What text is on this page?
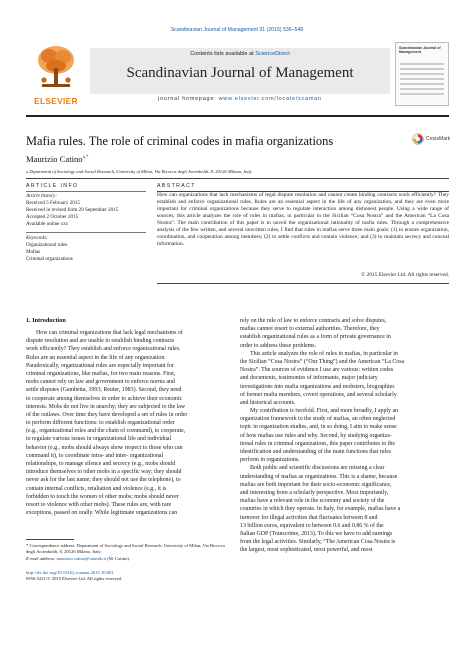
Scandinavian Journal of Management 31 (2015) 536–548
ELSEVIER
Contents lists available at ScienceDirect
Scandinavian Journal of Management
journal homepage: www.elsevier.com/locate/scaman
Scandinavian Journal of Management
Mafia rules. The role of criminal codes in mafia organizations	CrossMark
Maurizio Catino$^{a,*}$
a Department of Sociology and Social Research, University of Milan, Via Bicocca degli Arcimboldi, 8, 20126 Milano, Italy
ARTICLE INFO
Article history:
Received 5 February 2015
Received in revised form 29 September 2015
Accepted 2 October 2015
Available online xxx
Keywords:
Organizational rules
Mafias
Criminal organizations
ABSTRACT
How can organizations that lack mechanisms of legal dispute resolution and cannot create binding contracts work efficiently? They establish and enforce organizational rules. Rules are an essential aspect in the life of any organization, and they are even more important for criminal organizations because they serve to regulate interaction among dishonest people. Using a wide range of sources, this article analyzes the role of rules in mafias, in particular in the Sicilian “Cosa Nostra” and the American “La Cosa Nostra”. The main contribution of this paper is to unveil the organizational rationality of mafia rules. Through a comprehensive analysis of the few written, and several unwritten rules, I find that rules in mafias serve three main goals: (1) to ensure organization, coordination, and cooperation among members; (2) to settle conflicts and contain violence; and (3) to maintain secrecy and conceal information.
© 2015 Elsevier Ltd. All rights reserved.
1. Introduction
How can criminal organizations that lack legal mechanisms of
dispute resolution and are unable to establish binding contracts
work efficiently? They establish and enforce organizational rules.
Rules are an essential aspect in the life of any organization.
Paradoxically, organizational rules are especially important for
criminal organizations, like mafias, for two main reasons. First,
mobs cannot rely on law and government to enforce norms and
settle disputes (Gambetta, 1993; Reuter, 1983). Second, they need
to cooperate among themselves in order to achieve their economic
interests. Mobs do not live in anarchy; they are subjected to the law
of the outlaws. Over time they have developed a set of rules in order
to perform different functions: to establish organizational order
(e.g., organizational roles and the chain of command), to cooperate,
to regulate various issues in organizational life and individual
behavior (e.g., mobs should always show respect to those who can
command it), to coordinate intra- and inter- organizational
relationships, to manage silence and secrecy (e.g., mobs should
introduce themselves to other mobs in a specific way; they should
never ask for the last name; they should not use the telephone), to
contain internal conflicts, retaliation and violence (e.g., it is
forbidden to touch the women of other mobs; mobs should never
resort to violence with other mobs). These rules are, with rare
exceptions, passed on orally. While legitimate organizations can
rely on the rule of law to enforce contracts and solve disputes,
mafias cannot resort to external authorities. Therefore, they
establish organizational rules as a form of private governance in
order to address these problems.
This article analyzes the role of rules in mafias, in particular in
the Sicilian “Cosa Nostra” (“Our Thing”) and the American “La Cosa
Nostra”. The sources of evidence I use are various: written codes
and documents, testimonies of informants, major judiciary
investigations into mafia organizations and mobsters, biographies
of former mafia members, covert operations, and several scholarly
and historical accounts.
My contribution is twofold. First, and more broadly, I apply an
organization framework to the study of mafias, an often neglected
topic in organization studies, and, in so doing, I aim to make sense
of how mafias use rules and why. Second, by studying organiza-
tional rules in criminal organizations, this paper contributes to the
identification and understanding of the main functions that rules
perform in organizations.
Both public and scientific discussions are missing a clear
understanding of mafias as organizations. This is a shame, because
mafias are both important for their socio-economic significance,
and interesting from a scholarly perspective. Most importantly,
mafias have a relevant role in the economy and society of the
countries in which they operate. In Italy, for example, mafias have a
turnover for illegal activities that fluctuates between 8 and
13 billion euros, equivalent to between 0.6 and 0.86 % of the
Italian GDP (Transcrime, 2013). To this we have to add earnings
from the legal activities. Similarly, “The American Cosa Nostra is
the largest, most sophisticated, most powerful, and most
* Correspondence address: Department of Sociology and Social Research, University of Milan, Via Bicocca degli Arcimboldi, 8, 20126 Milano, Italy.
E-mail address: maurizio.catino@unimib.it (M. Catino).
http://dx.doi.org/10.1016/j.scaman.2015.10.001
0956-5221/© 2015 Elsevier Ltd. All rights reserved.
